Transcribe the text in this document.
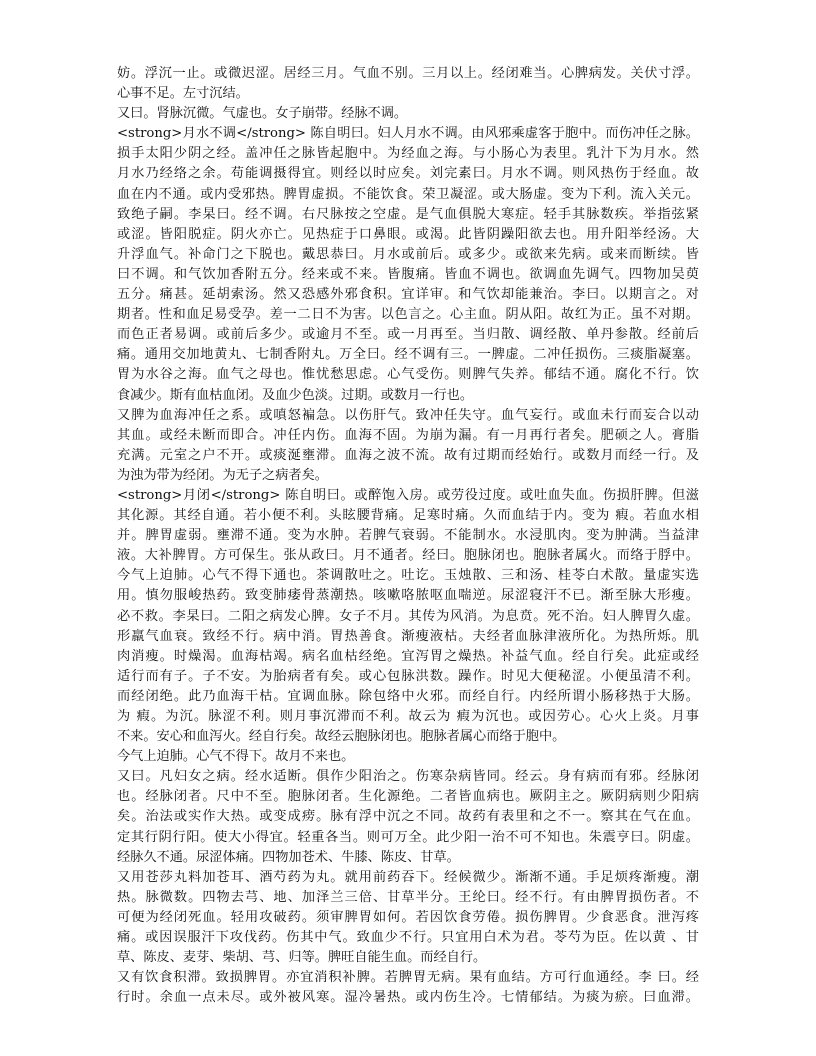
妨。浮沉一止。或微迟涩。居经三月。气血不别。三月以上。经闭难当。心脾病发。关伏寸浮。
心事不足。左寸沉结。
又曰。肾脉沉微。气虚也。女子崩带。经脉不调。
<strong>月水不调</strong> 陈自明曰。妇人月水不调。由风邪乘虚客于胞中。而伤冲任之脉。
损手太阳少阴之经。盖冲任之脉皆起胞中。为经血之海。与小肠心为表里。乳汁下为月水。然
月水乃经络之余。苟能调摄得宜。则经以时应矣。刘完素曰。月水不调。则风热伤于经血。故
血在内不通。或内受邪热。脾胃虚损。不能饮食。荣卫凝涩。或大肠虚。变为下利。流入关元。
致绝子嗣。李杲曰。经不调。右尺脉按之空虚。是气血俱脱大寒症。轻手其脉数疾。举指弦紧
或涩。皆阳脱症。阴火亦亡。见热症于口鼻眼。或渴。此皆阴躁阳欲去也。用升阳举经汤。大
升浮血气。补命门之下脱也。戴思恭曰。月水或前后。或多少。或欲来先病。或来而断续。皆
曰不调。和气饮加香附五分。经来或不来。皆腹痛。皆血不调也。欲调血先调气。四物加吴萸
五分。痛甚。延胡索汤。然又恐感外邪食积。宜详审。和气饮却能兼治。李曰。以期言之。对
期者。性和血足易受孕。差一二日不为害。以色言之。心主血。阴从阳。故红为正。虽不对期。
而色正者易调。或前后多少。或逾月不至。或一月再至。当归散、调经散、单丹参散。经前后
痛。通用交加地黄丸、七制香附丸。万全曰。经不调有三。一脾虚。二冲任损伤。三痰脂凝塞。
胃为水谷之海。血气之母也。惟忧愁思虑。心气受伤。则脾气失养。郁结不通。腐化不行。饮
食减少。斯有血枯血闭。及血少色淡。过期。或数月一行也。
又脾为血海冲任之系。或嗔怒褊急。以伤肝气。致冲任失守。血气妄行。或血未行而妄合以动
其血。或经未断而即合。冲任内伤。血海不固。为崩为漏。有一月再行者矣。肥硕之人。膏脂
充满。元室之户不开。或痰涎壅滞。血海之波不流。故有过期而经始行。或数月而经一行。及
为浊为带为经闭。为无子之病者矣。
<strong>月闭</strong> 陈自明曰。或醉饱入房。或劳役过度。或吐血失血。伤损肝脾。但滋
其化源。其经自通。若小便不利。头眩腰背痛。足寒时痛。久而血结于内。变为 瘕。若血水相
并。脾胃虚弱。壅滞不通。变为水肿。若脾气衰弱。不能制水。水浸肌肉。变为肿满。当益津
液。大补脾胃。方可保生。张从政曰。月不通者。经曰。胞脉闭也。胞脉者属火。而络于脬中。
今气上迫肺。心气不得下通也。茶调散吐之。吐讫。玉烛散、三和汤、桂苓白术散。量虚实选
用。慎勿服峻热药。致变肺痿骨蒸潮热。咳嗽咯脓呕血喘逆。尿涩寝汗不已。渐至脉大形瘦。
必不救。李杲曰。二阳之病发心脾。女子不月。其传为风消。为息贲。死不治。妇人脾胃久虚。
形羸气血衰。致经不行。病中消。胃热善食。渐瘦液枯。夫经者血脉津液所化。为热所烁。肌
肉消瘦。时燥渴。血海枯竭。病名血枯经绝。宜泻胃之燥热。补益气血。经自行矣。此症或经
适行而有子。子不安。为胎病者有矣。或心包脉洪数。躁作。时见大便秘涩。小便虽清不利。
而经闭绝。此乃血海干枯。宜调血脉。除包络中火邪。而经自行。内经所谓小肠移热于大肠。
为 瘕。为沉。脉涩不利。则月事沉滞而不利。故云为 瘕为沉也。或因劳心。心火上炎。月事
不来。安心和血泻火。经自行矣。故经云胞脉闭也。胞脉者属心而络于胞中。
今气上迫肺。心气不得下。故月不来也。
又曰。凡妇女之病。经水适断。俱作少阳治之。伤寒杂病皆同。经云。身有病而有邪。经脉闭
也。经脉闭者。尺中不至。胞脉闭者。生化源绝。二者皆血病也。厥阴主之。厥阴病则少阳病
矣。治法或实作大热。或变成痨。脉有浮中沉之不同。故药有表里和之不一。察其在气在血。
定其行阴行阳。使大小得宜。轻重各当。则可万全。此少阳一治不可不知也。朱震亨曰。阴虚。
经脉久不通。尿涩体痛。四物加苍术、牛膝、陈皮、甘草。
又用苍莎丸料加苍耳、酒芍药为丸。就用前药吞下。经候微少。渐渐不通。手足烦疼渐瘦。潮
热。脉微数。四物去芎、地、加泽兰三倍、甘草半分。王纶曰。经不行。有由脾胃损伤者。不
可便为经闭死血。轻用攻破药。须审脾胃如何。若因饮食劳倦。损伤脾胃。少食恶食。泄泻疼
痛。或因误服汗下攻伐药。伤其中气。致血少不行。只宜用白术为君。苓芍为臣。佐以黄 、甘
草、陈皮、麦芽、柴胡、芎、归等。脾旺自能生血。而经自行。
又有饮食积滞。致损脾胃。亦宜消积补脾。若脾胃无病。果有血结。方可行血通经。李 曰。经
行时。余血一点未尽。或外被风寒。湿冷暑热。或内伤生冷。七情郁结。为痰为瘀。曰血滞。
